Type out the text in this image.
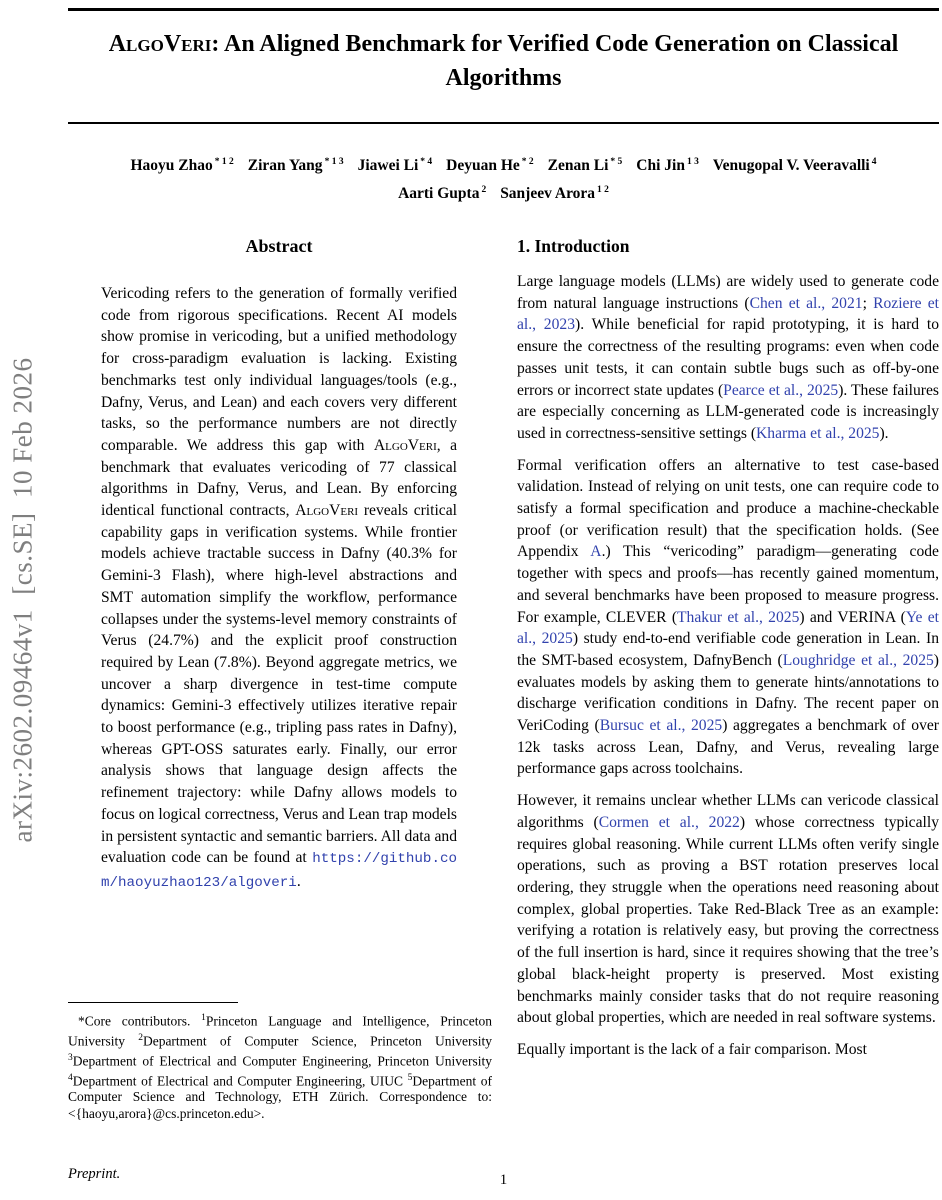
arXiv:2602.09464v1  [cs.SE]  10 Feb 2026
AlgoVeri: An Aligned Benchmark for Verified Code Generation on Classical Algorithms
Haoyu Zhao $^{* 1 2}$ Ziran Yang $^{* 1 3}$ Jiawei Li $^{* 4}$ Deyuan He $^{* 2}$ Zenan Li $^{* 5}$ Chi Jin $^{1 3}$ Venugopal V. Veeravalli $^4$
Aarti Gupta $^2$ Sanjeev Arora $^{1 2}$
Abstract
Vericoding refers to the generation of formally verified code from rigorous specifications. Recent AI models show promise in vericoding, but a unified methodology for cross-paradigm evaluation is lacking. Existing benchmarks test only individual languages/tools (e.g., Dafny, Verus, and Lean) and each covers very different tasks, so the performance numbers are not directly comparable. We address this gap with AlgoVeri, a benchmark that evaluates vericoding of 77 classical algorithms in Dafny, Verus, and Lean. By enforcing identical functional contracts, AlgoVeri reveals critical capability gaps in verification systems. While frontier models achieve tractable success in Dafny (40.3% for Gemini-3 Flash), where high-level abstractions and SMT automation simplify the workflow, performance collapses under the systems-level memory constraints of Verus (24.7%) and the explicit proof construction required by Lean (7.8%). Beyond aggregate metrics, we uncover a sharp divergence in test-time compute dynamics: Gemini-3 effectively utilizes iterative repair to boost performance (e.g., tripling pass rates in Dafny), whereas GPT-OSS saturates early. Finally, our error analysis shows that language design affects the refinement trajectory: while Dafny allows models to focus on logical correctness, Verus and Lean trap models in persistent syntactic and semantic barriers. All data and evaluation code can be found at https://github.com/haoyuzhao123/algoveri.
1. Introduction

Large language models (LLMs) are widely used to generate code from natural language instructions (Chen et al., 2021; Roziere et al., 2023). While beneficial for rapid prototyping, it is hard to ensure the correctness of the resulting programs: even when code passes unit tests, it can contain subtle bugs such as off-by-one errors or incorrect state updates (Pearce et al., 2025). These failures are especially concerning as LLM-generated code is increasingly used in correctness-sensitive settings (Kharma et al., 2025).

Formal verification offers an alternative to test case-based validation. Instead of relying on unit tests, one can require code to satisfy a formal specification and produce a machine-checkable proof (or verification result) that the specification holds. (See Appendix A.) This “vericoding” paradigm—generating code together with specs and proofs—has recently gained momentum, and several benchmarks have been proposed to measure progress. For example, CLEVER (Thakur et al., 2025) and VERINA (Ye et al., 2025) study end-to-end verifiable code generation in Lean. In the SMT-based ecosystem, DafnyBench (Loughridge et al., 2025) evaluates models by asking them to generate hints/annotations to discharge verification conditions in Dafny. The recent paper on VeriCoding (Bursuc et al., 2025) aggregates a benchmark of over 12k tasks across Lean, Dafny, and Verus, revealing large performance gaps across toolchains.

However, it remains unclear whether LLMs can vericode classical algorithms (Cormen et al., 2022) whose correctness typically requires global reasoning. While current LLMs often verify single operations, such as proving a BST rotation preserves local ordering, they struggle when the operations need reasoning about complex, global properties. Take Red-Black Tree as an example: verifying a rotation is relatively easy, but proving the correctness of the full insertion is hard, since it requires showing that the tree’s global black-height property is preserved. Most existing benchmarks mainly consider tasks that do not require reasoning about global properties, which are needed in real software systems.

Equally important is the lack of a fair comparison. Most

*Core contributors. $^1$Princeton Language and Intelligence, Princeton University $^2$Department of Computer Science, Princeton University $^3$Department of Electrical and Computer Engineering, Princeton University $^4$Department of Electrical and Computer Engineering, UIUC $^5$Department of Computer Science and Technology, ETH Zürich. Correspondence to: <{haoyu,arora}@cs.princeton.edu>.
Preprint.	1
